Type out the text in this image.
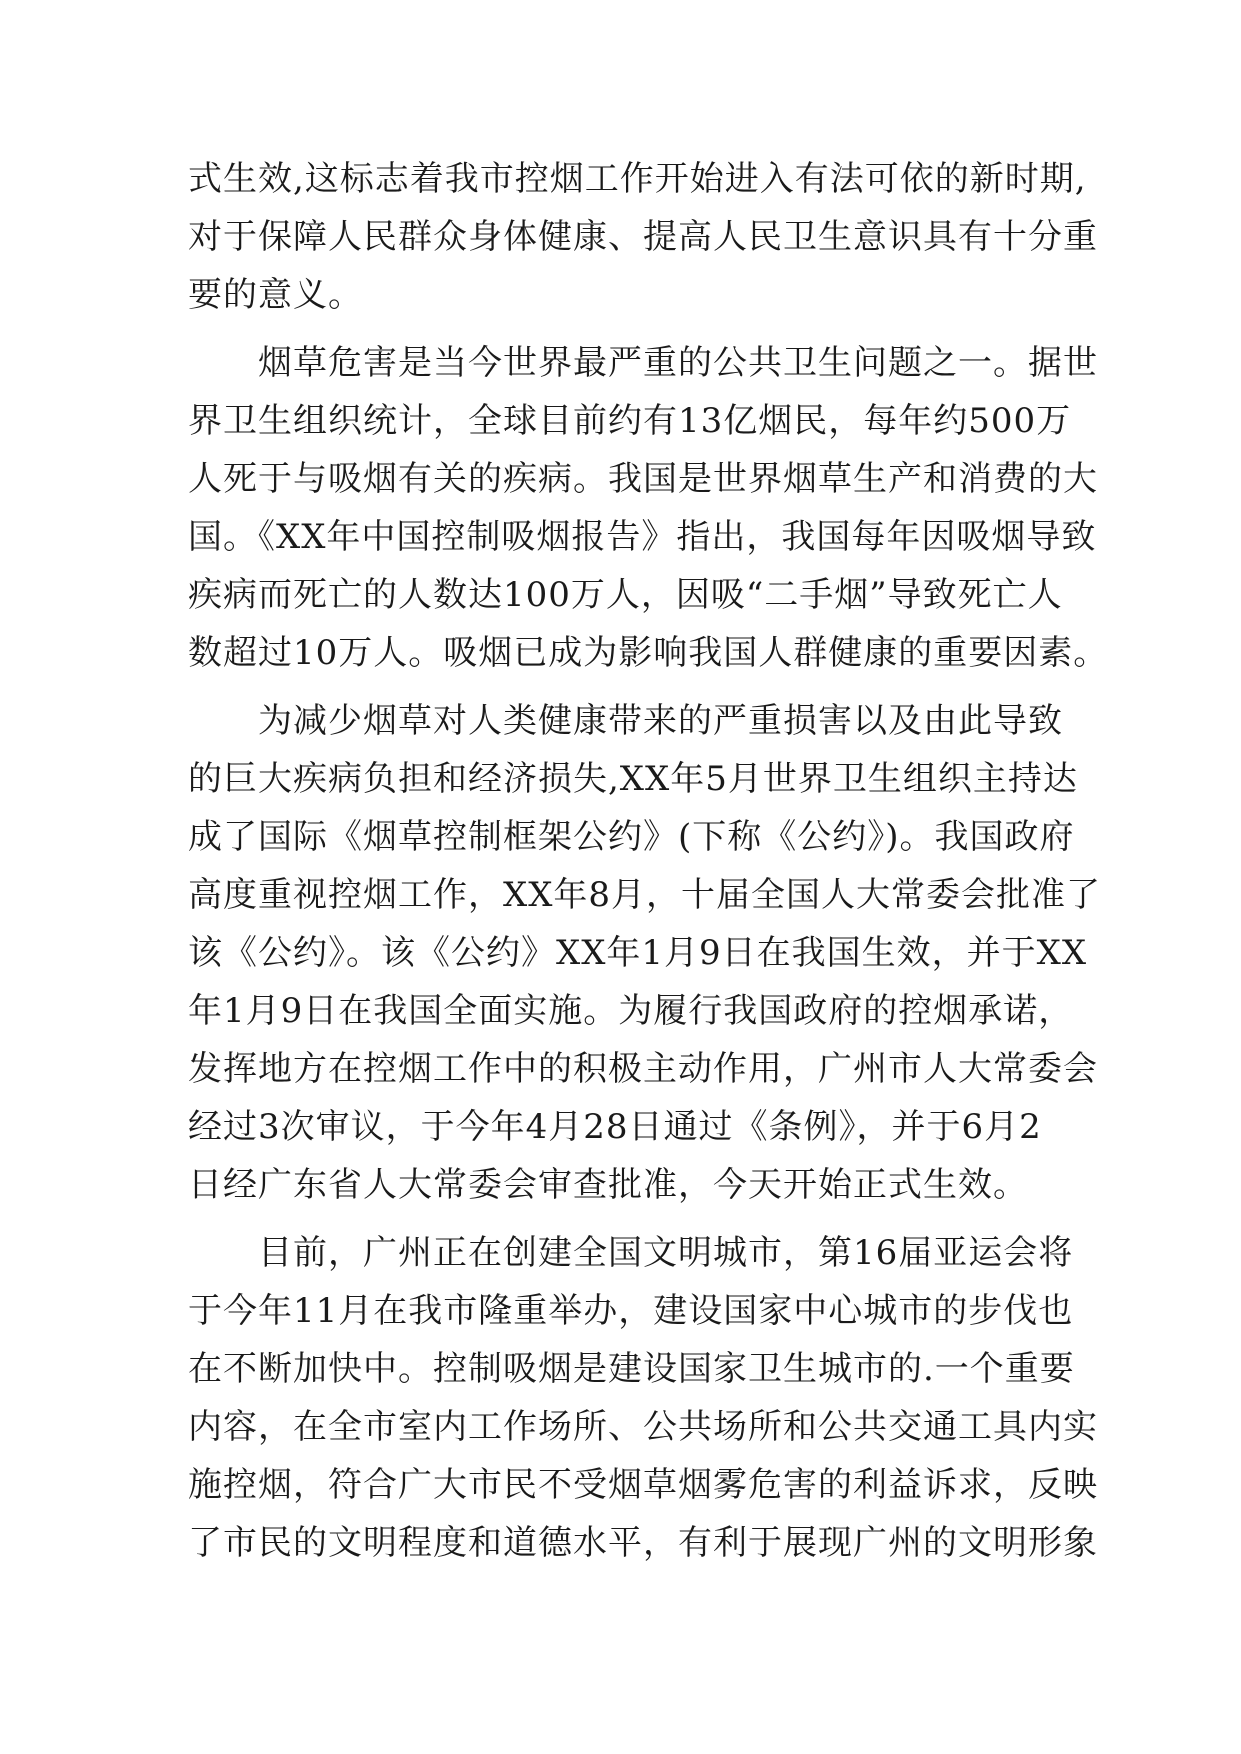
式生效,这标志着我市控烟工作开始进入有法可依的新时期,
对于保障人民群众身体健康、提高人民卫生意识具有十分重
要的意义。
烟草危害是当今世界最严重的公共卫生问题之一。据世
界卫生组织统计，全球目前约有13亿烟民，每年约500万
人死于与吸烟有关的疾病。我国是世界烟草生产和消费的大
国。《XX年中国控制吸烟报告》指出，我国每年因吸烟导致
疾病而死亡的人数达100万人，因吸“二手烟”导致死亡人
数超过10万人。吸烟已成为影响我国人群健康的重要因素。
为减少烟草对人类健康带来的严重损害以及由此导致
的巨大疾病负担和经济损失,XX年5月世界卫生组织主持达
成了国际《烟草控制框架公约》(下称《公约》)。我国政府
高度重视控烟工作，XX年8月，十届全国人大常委会批准了
该《公约》。该《公约》XX年1月9日在我国生效，并于XX
年1月9日在我国全面实施。为履行我国政府的控烟承诺，
发挥地方在控烟工作中的积极主动作用，广州市人大常委会
经过3次审议，于今年4月28日通过《条例》，并于6月2
日经广东省人大常委会审查批准，今天开始正式生效。
目前，广州正在创建全国文明城市，第16届亚运会将
于今年11月在我市隆重举办，建设国家中心城市的步伐也
在不断加快中。控制吸烟是建设国家卫生城市的.一个重要
内容，在全市室内工作场所、公共场所和公共交通工具内实
施控烟，符合广大市民不受烟草烟雾危害的利益诉求，反映
了市民的文明程度和道德水平，有利于展现广州的文明形象
